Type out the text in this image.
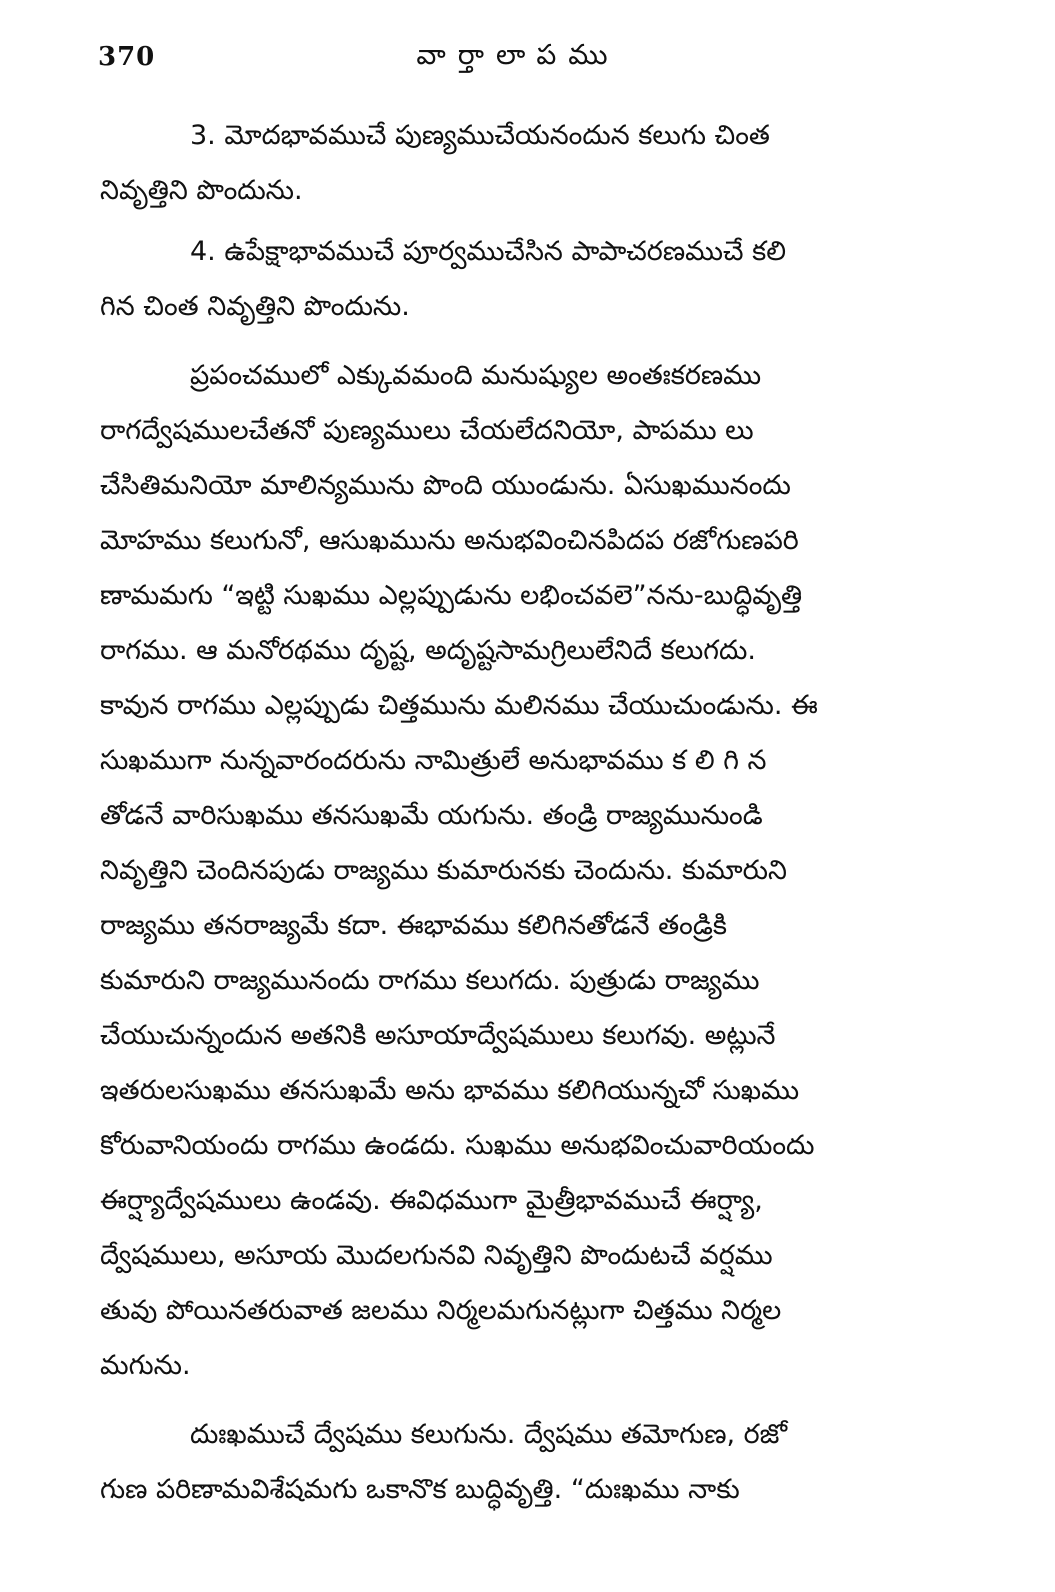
370	వార్తాలాపము

3. మోదభావముచే పుణ్యముచేయనందున కలుగు చింత
నివృత్తిని పొందును.

4. ఉపేక్షాభావముచే పూర్వముచేసిన పాపాచరణముచే కలి
గిన చింత నివృత్తిని పొందును.

ప్రపంచములో ఎక్కువమంది మనుష్యుల అంతఃకరణము
రాగద్వేషములచేతనో పుణ్యములు చేయలేదనియో, పాపము లు
చేసితిమనియో మాలిన్యమును పొంది యుండును. ఏసుఖమునందు
మోహము కలుగునో, ఆసుఖమును అనుభవించినపిదప రజోగుణపరి
ణామమగు “ఇట్టి సుఖము ఎల్లప్పుడును లభించవలె”నను-బుద్ధివృత్తి
రాగము. ఆ మనోరథము దృష్ట, అదృష్టసామగ్రిలులేనిదే కలుగదు.
కావున రాగము ఎల్లప్పుడు చిత్తమును మలినము చేయుచుండును. ఈ
సుఖముగా నున్నవారందరును నామిత్రులే అనుభావము క లి గి న
తోడనే వారిసుఖము తనసుఖమే యగును. తండ్రి రాజ్యమునుండి
నివృత్తిని చెందినపుడు రాజ్యము కుమారునకు చెందును. కుమారుని
రాజ్యము తనరాజ్యమే కదా. ఈభావము కలిగినతోడనే తండ్రికి
కుమారుని రాజ్యమునందు రాగము కలుగదు. పుత్రుడు రాజ్యము
చేయుచున్నందున అతనికి అసూయాద్వేషములు కలుగవు. అట్లునే
ఇతరులసుఖము తనసుఖమే అను భావము కలిగియున్నచో సుఖము
కోరువానియందు రాగము ఉండదు. సుఖము అనుభవించువారియందు
ఈర్ష్యాద్వేషములు ఉండవు. ఈవిధముగా మైత్రీభావముచే ఈర్ష్యా,
ద్వేషములు, అసూయ మొదలగునవి నివృత్తిని పొందుటచే వర్షము
తువు పోయినతరువాత జలము నిర్మలమగునట్లుగా చిత్తము నిర్మల
మగును.

దుఃఖముచే ద్వేషము కలుగును. ద్వేషము తమోగుణ, రజో
గుణ పరిణామవిశేషమగు ఒకానొక బుద్ధివృత్తి. “దుఃఖము నాకు
